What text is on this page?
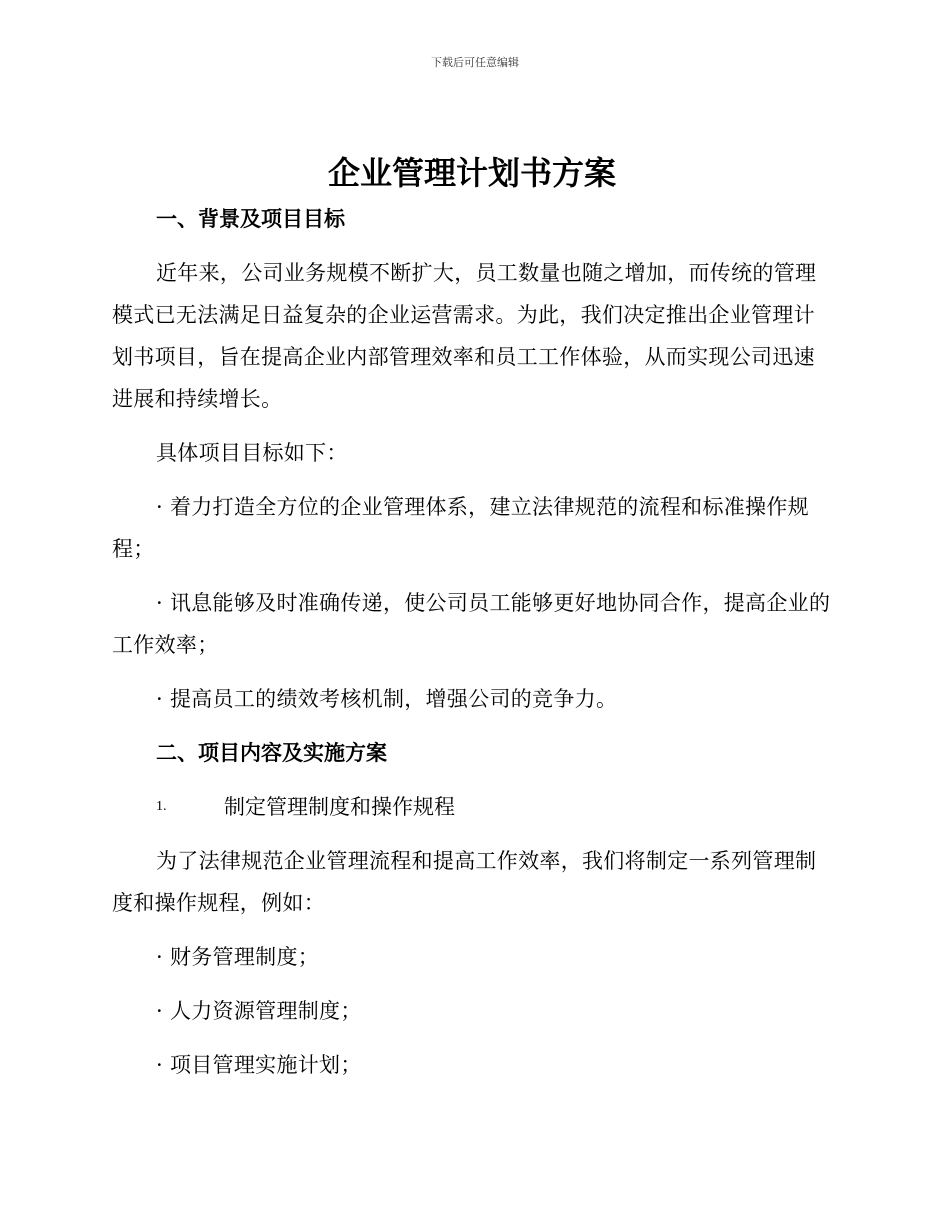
下载后可任意编辑
企业管理计划书方案
一、背景及项目目标

近年来，公司业务规模不断扩大，员工数量也随之增加，而传统的管理模式已无法满足日益复杂的企业运营需求。为此，我们决定推出企业管理计划书项目，旨在提高企业内部管理效率和员工工作体验，从而实现公司迅速进展和持续增长。

具体项目目标如下：

· 着力打造全方位的企业管理体系，建立法律规范的流程和标准操作规程；

· 讯息能够及时准确传递，使公司员工能够更好地协同合作，提高企业的工作效率；

· 提高员工的绩效考核机制，增强公司的竞争力。

二、项目内容及实施方案
1.	制定管理制度和操作规程

为了法律规范企业管理流程和提高工作效率，我们将制定一系列管理制度和操作规程，例如：

· 财务管理制度；

· 人力资源管理制度；

· 项目管理实施计划；
